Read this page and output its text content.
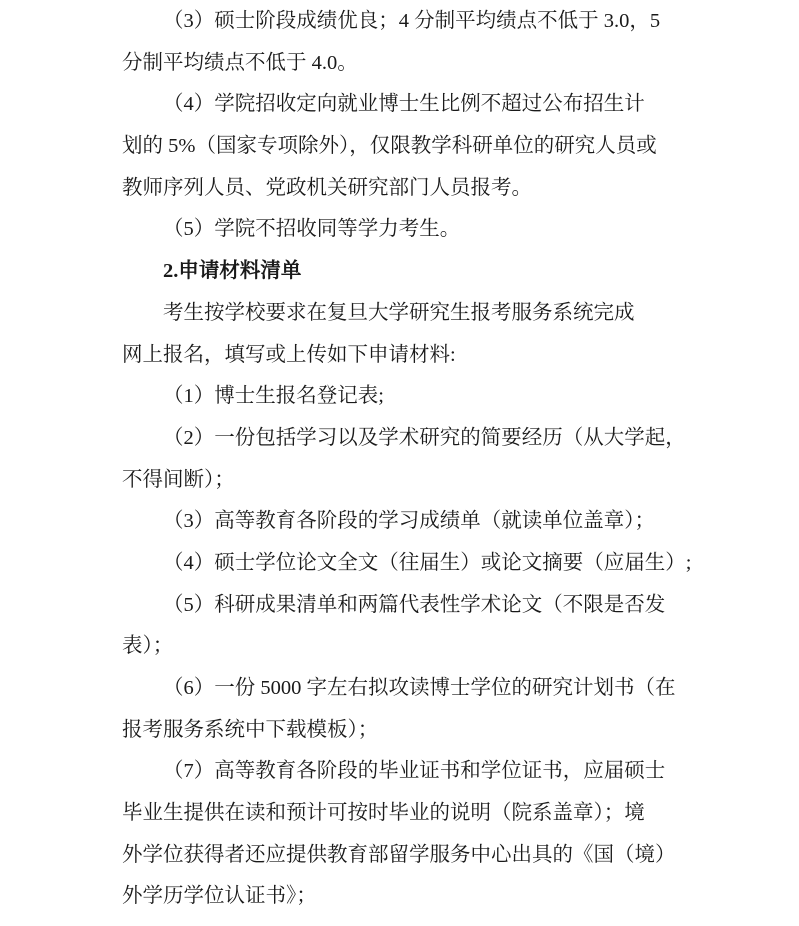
（3）硕士阶段成绩优良；4 分制平均绩点不低于 3.0，5
分制平均绩点不低于 4.0。
（4）学院招收定向就业博士生比例不超过公布招生计
划的 5%（国家专项除外），仅限教学科研单位的研究人员或
教师序列人员、党政机关研究部门人员报考。
（5）学院不招收同等学力考生。
2.申请材料清单
考生按学校要求在复旦大学研究生报考服务系统完成
网上报名，填写或上传如下申请材料:
（1）博士生报名登记表;
（2）一份包括学习以及学术研究的简要经历（从大学起，
不得间断）；
（3）高等教育各阶段的学习成绩单（就读单位盖章）；
（4）硕士学位论文全文（往届生）或论文摘要（应届生）;
（5）科研成果清单和两篇代表性学术论文（不限是否发
表）；
（6）一份 5000 字左右拟攻读博士学位的研究计划书（在
报考服务系统中下载模板）；
（7）高等教育各阶段的毕业证书和学位证书，应届硕士
毕业生提供在读和预计可按时毕业的说明（院系盖章）；境
外学位获得者还应提供教育部留学服务中心出具的《国（境）
外学历学位认证书》；
